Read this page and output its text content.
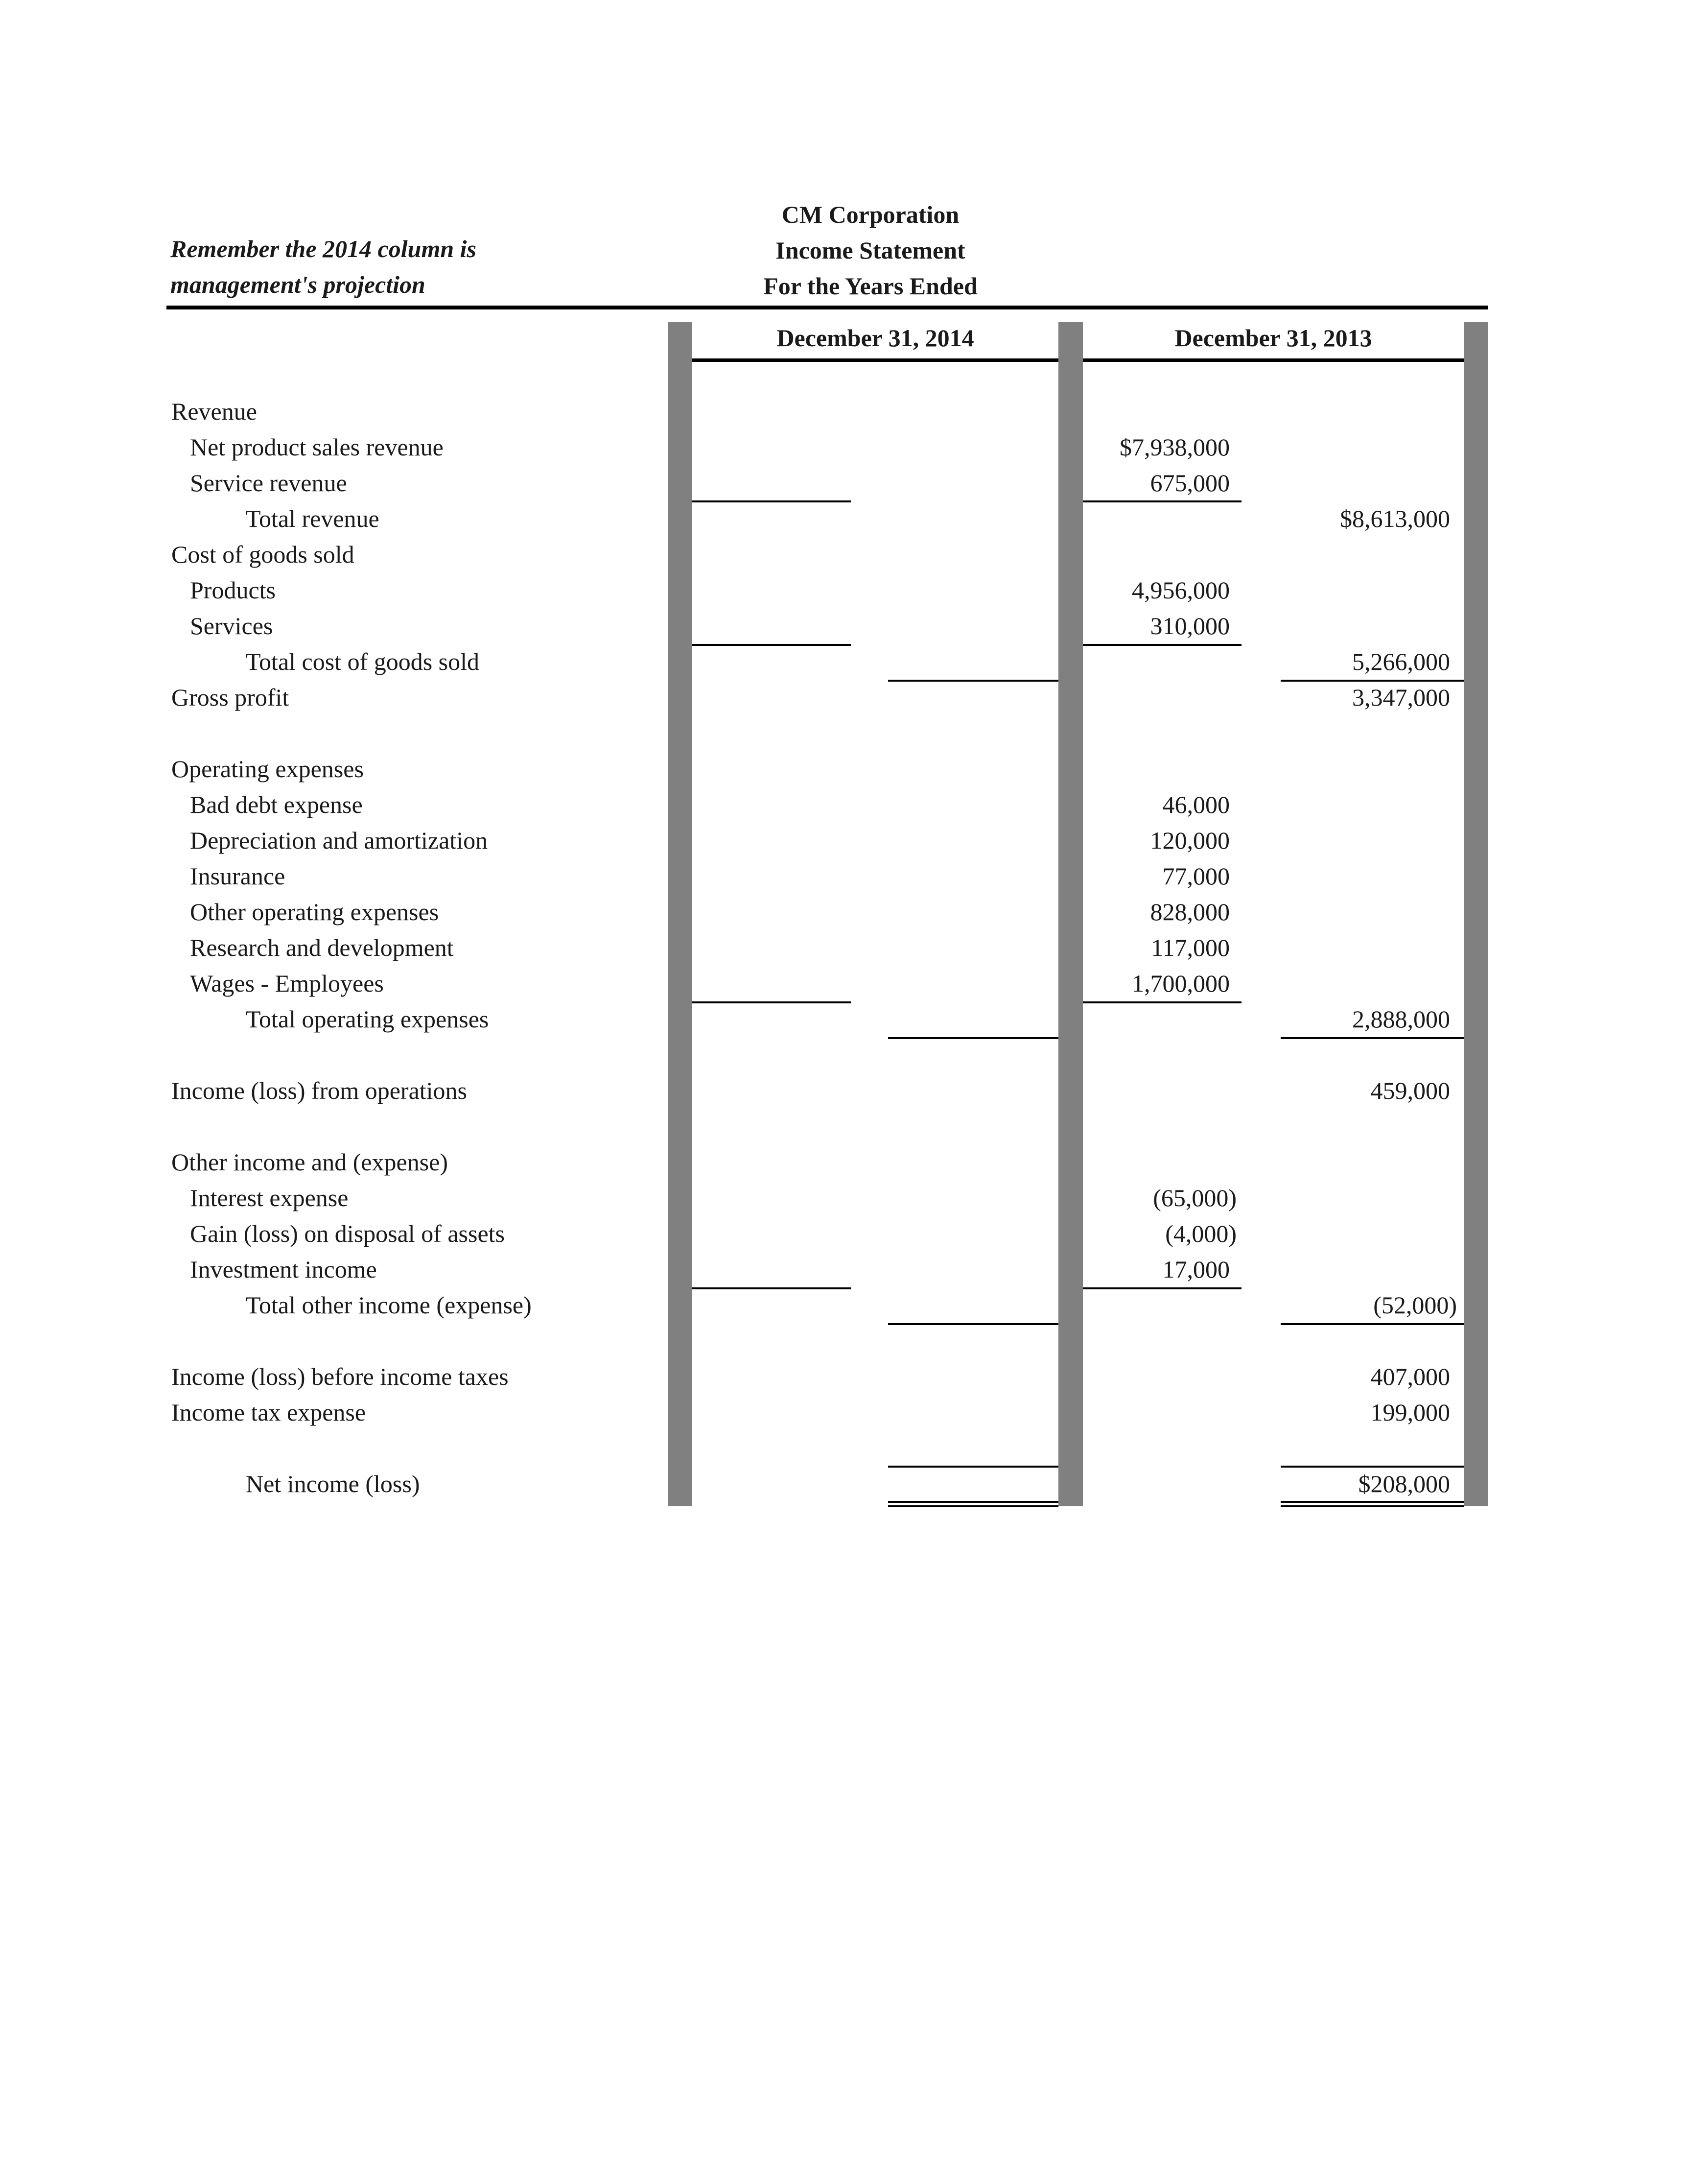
Remember the 2014 column is
management's projection
CM Corporation
Income Statement
For the Years Ended
December 31, 2014	December 31, 2013
Revenue
Net product sales revenue
Service revenue
Total revenue
Cost of goods sold
Products
Services
Total cost of goods sold
Gross profit
Operating expenses
Bad debt expense
Depreciation and amortization
Insurance
Other operating expenses
Research and development
Wages - Employees
Total operating expenses
Income (loss) from operations
Other income and (expense)
Interest expense
Gain (loss) on disposal of assets
Investment income
Total other income (expense)
Income (loss) before income taxes
Income tax expense
Net income (loss)
$7,938,000
675,000
4,956,000
310,000
46,000
120,000
77,000
828,000
117,000
1,700,000
(65,000)
(4,000)
17,000
$8,613,000
5,266,000
3,347,000
2,888,000
459,000
(52,000)
407,000
199,000
$208,000
